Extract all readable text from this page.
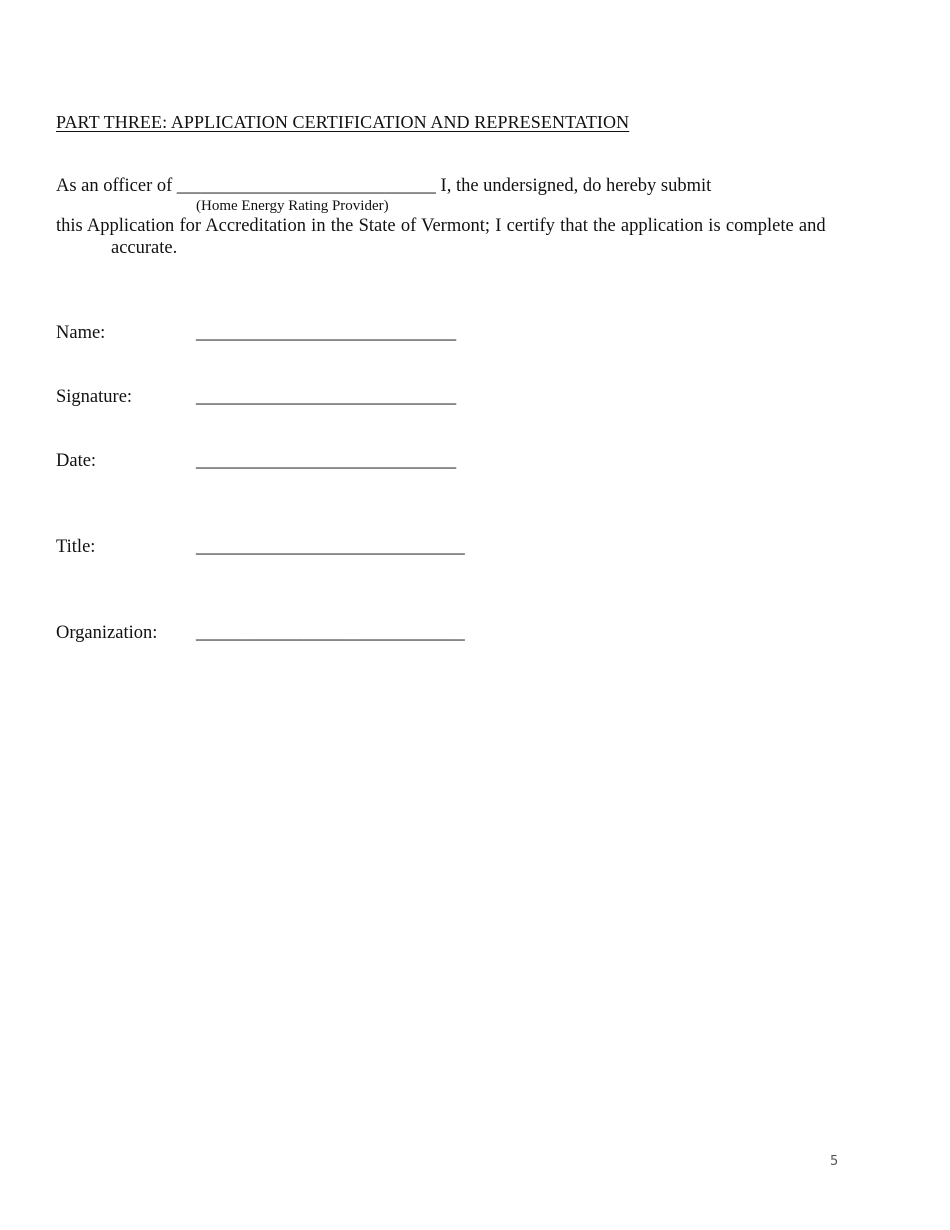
PART THREE: APPLICATION CERTIFICATION AND REPRESENTATION
As an officer of ____________________________ I, the undersigned, do hereby submit
(Home Energy Rating Provider)
this Application for Accreditation in the State of Vermont; I certify that the application is complete and
accurate.
Name:	______________________________
Signature:	______________________________
Date:	______________________________
Title:	_______________________________
Organization: _______________________________
5
